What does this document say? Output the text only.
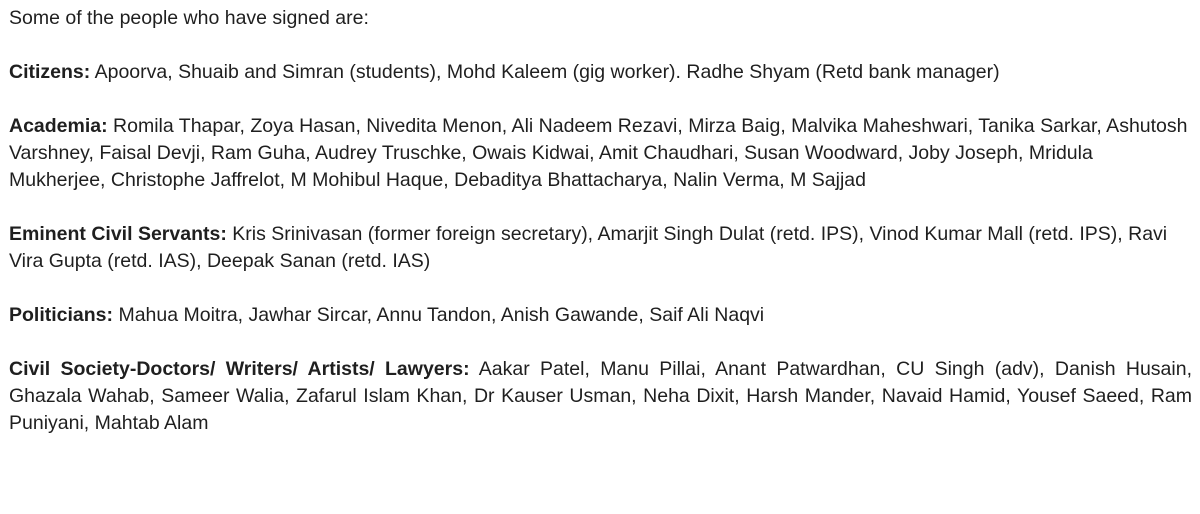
Some of the people who have signed are:

Citizens: Apoorva, Shuaib and Simran (students), Mohd Kaleem (gig worker). Radhe Shyam (Retd bank manager)

Academia: Romila Thapar, Zoya Hasan, Nivedita Menon, Ali Nadeem Rezavi, Mirza Baig, Malvika Maheshwari, Tanika Sarkar, Ashutosh Varshney, Faisal Devji, Ram Guha, Audrey Truschke, Owais Kidwai, Amit Chaudhari, Susan Woodward, Joby Joseph, Mridula Mukherjee, Christophe Jaffrelot, M Mohibul Haque, Debaditya Bhattacharya, Nalin Verma, M Sajjad

Eminent Civil Servants: Kris Srinivasan (former foreign secretary), Amarjit Singh Dulat (retd. IPS), Vinod Kumar Mall (retd. IPS), Ravi Vira Gupta (retd. IAS), Deepak Sanan (retd. IAS)

Politicians: Mahua Moitra, Jawhar Sircar, Annu Tandon, Anish Gawande, Saif Ali Naqvi

Civil Society-Doctors/ Writers/ Artists/ Lawyers: Aakar Patel, Manu Pillai, Anant Patwardhan, CU Singh (adv), Danish Husain, Ghazala Wahab, Sameer Walia, Zafarul Islam Khan, Dr Kauser Usman, Neha Dixit, Harsh Mander, Navaid Hamid, Yousef Saeed, Ram Puniyani, Mahtab Alam
